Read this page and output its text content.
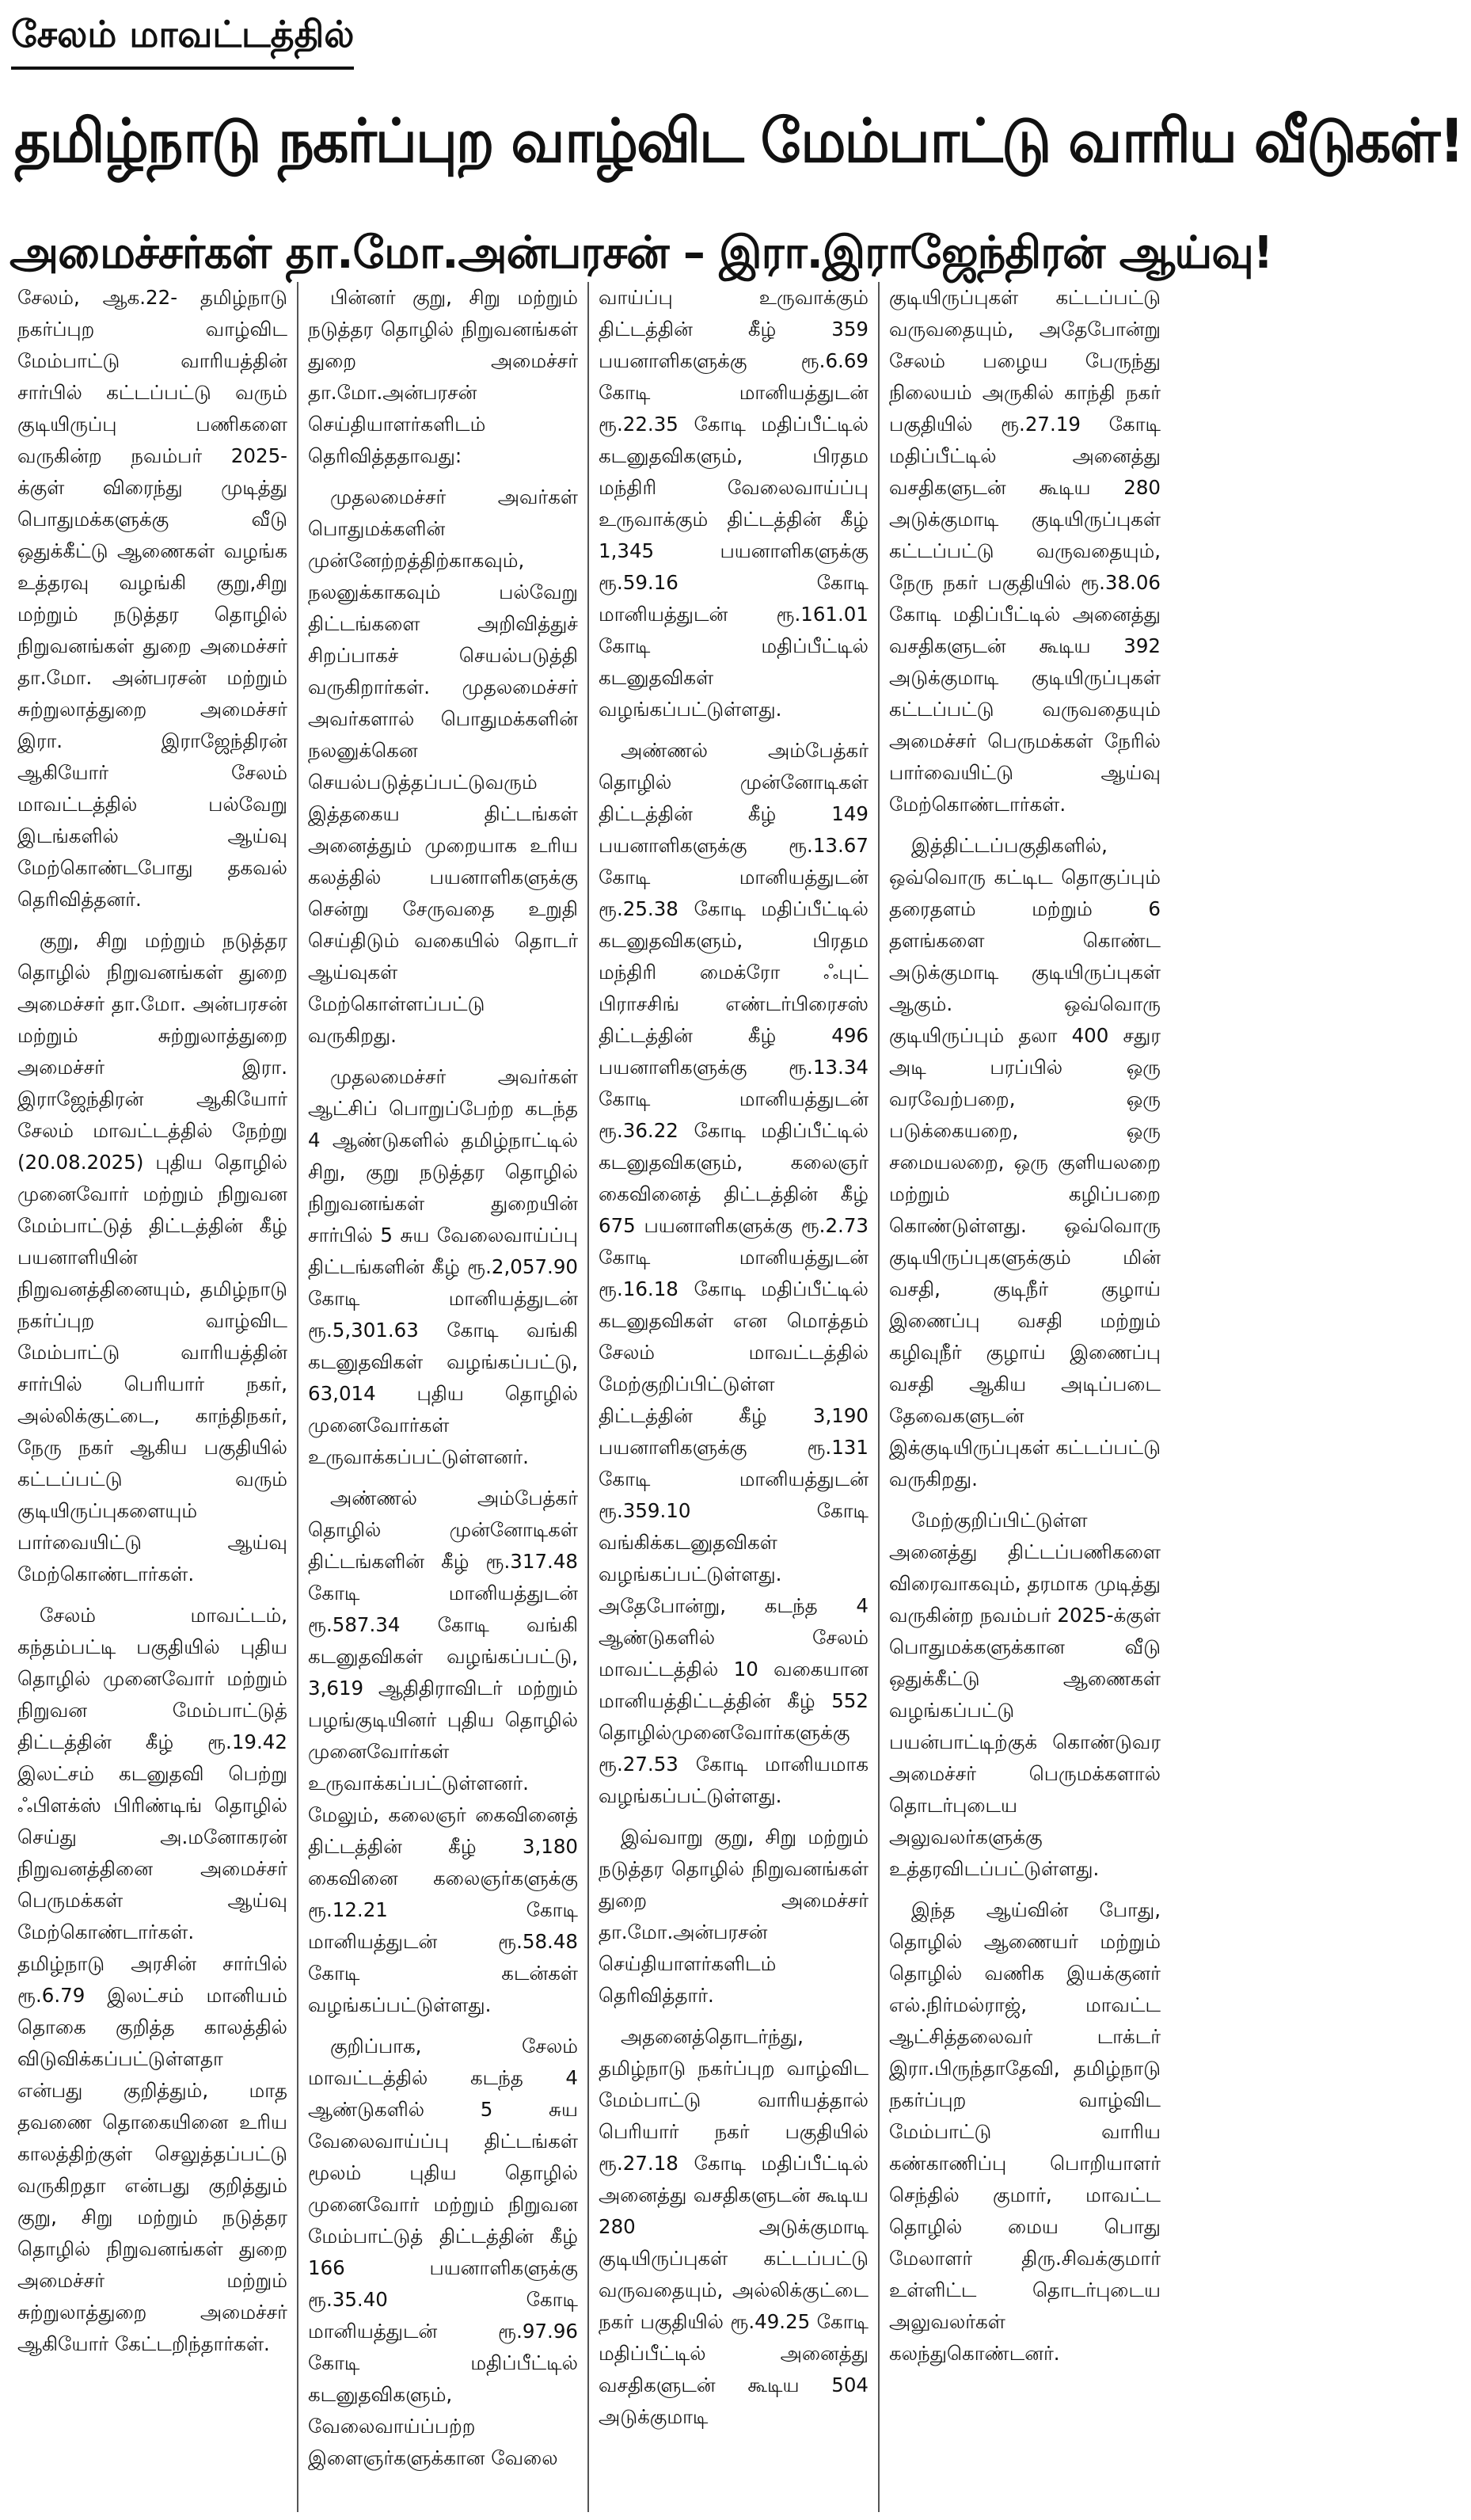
சேலம் மாவட்டத்தில்
தமிழ்நாடு நகர்ப்புற வாழ்விட மேம்பாட்டு வாரிய வீடுகள்!
அமைச்சர்கள் தா.மோ.அன்பரசன் – இரா.இராஜேந்திரன் ஆய்வு!

சேலம், ஆக.22- தமிழ்நாடு நகர்ப்புற வாழ்விட மேம்பாட்டு வாரியத்தின் சார்பில் கட்டப்பட்டு வரும் குடியிருப்பு பணிகளை வருகின்ற நவம்பர் 2025-க்குள் விரைந்து முடித்து பொதுமக்களுக்கு வீடு ஒதுக்கீட்டு ஆணைகள் வழங்க உத்தரவு வழங்கி குறு,சிறு மற்றும் நடுத்தர தொழில் நிறுவனங்கள் துறை அமைச்சர் தா.மோ. அன்பரசன் மற்றும் சுற்றுலாத்துறை அமைச்சர் இரா. இராஜேந்திரன் ஆகியோர் சேலம் மாவட்டத்தில் பல்வேறு இடங்களில் ஆய்வு மேற்கொண்டபோது தகவல் தெரிவித்தனர்.

குறு, சிறு மற்றும் நடுத்தர தொழில் நிறுவனங்கள் துறை அமைச்சர் தா.மோ. அன்பரசன் மற்றும் சுற்றுலாத்துறை அமைச்சர் இரா. இராஜேந்திரன் ஆகியோர் சேலம் மாவட்டத்தில் நேற்று (20.08.2025) புதிய தொழில் முனைவோர் மற்றும் நிறுவன மேம்பாட்டுத் திட்டத்தின் கீழ் பயனாளியின் நிறுவனத்தினையும், தமிழ்நாடு நகர்ப்புற வாழ்விட மேம்பாட்டு வாரியத்தின் சார்பில் பெரியார் நகர், அல்லிக்குட்டை, காந்திநகர், நேரு நகர் ஆகிய பகுதியில் கட்டப்பட்டு வரும் குடியிருப்புகளையும் பார்வையிட்டு ஆய்வு மேற்கொண்டார்கள்.

சேலம் மாவட்டம், கந்தம்பட்டி பகுதியில் புதிய தொழில் முனைவோர் மற்றும் நிறுவன மேம்பாட்டுத் திட்டத்தின் கீழ் ரூ.19.42 இலட்சம் கடனுதவி பெற்று ஃபிளக்ஸ் பிரிண்டிங் தொழில் செய்து அ.மனோகரன் நிறுவனத்தினை அமைச்சர் பெருமக்கள் ஆய்வு மேற்கொண்டார்கள். தமிழ்நாடு அரசின் சார்பில் ரூ.6.79 இலட்சம் மானியம் தொகை குறித்த காலத்தில் விடுவிக்கப்பட்டுள்ளதா என்பது குறித்தும், மாத தவணை தொகையினை உரிய காலத்திற்குள் செலுத்தப்பட்டு வருகிறதா என்பது குறித்தும் குறு, சிறு மற்றும் நடுத்தர தொழில் நிறுவனங்கள் துறை அமைச்சர் மற்றும் சுற்றுலாத்துறை அமைச்சர் ஆகியோர் கேட்டறிந்தார்கள்.

பின்னர் குறு, சிறு மற்றும் நடுத்தர தொழில் நிறுவனங்கள் துறை அமைச்சர் தா.மோ.அன்பரசன் செய்தியாளர்களிடம் தெரிவித்ததாவது:

முதலமைச்சர் அவர்கள் பொதுமக்களின் முன்னேற்றத்திற்காகவும், நலனுக்காகவும் பல்வேறு திட்டங்களை அறிவித்துச் சிறப்பாகச் செயல்படுத்தி வருகிறார்கள். முதலமைச்சர் அவர்களால் பொதுமக்களின் நலனுக்கென செயல்படுத்தப்பட்டுவரும் இத்தகைய திட்டங்கள் அனைத்தும் முறையாக உரிய கலத்தில் பயனாளிகளுக்கு சென்று சேருவதை உறுதி செய்திடும் வகையில் தொடர் ஆய்வுகள் மேற்கொள்ளப்பட்டு வருகிறது.

முதலமைச்சர் அவர்கள் ஆட்சிப் பொறுப்பேற்ற கடந்த 4 ஆண்டுகளில் தமிழ்நாட்டில் சிறு, குறு நடுத்தர தொழில் நிறுவனங்கள் துறையின் சார்பில் 5 சுய வேலைவாய்ப்பு திட்டங்களின் கீழ் ரூ.2,057.90 கோடி மானியத்துடன் ரூ.5,301.63 கோடி வங்கி கடனுதவிகள் வழங்கப்பட்டு, 63,014 புதிய தொழில் முனைவோர்கள் உருவாக்கப்பட்டுள்ளனர்.

அண்ணல் அம்பேத்கர் தொழில் முன்னோடிகள் திட்டங்களின் கீழ் ரூ.317.48 கோடி மானியத்துடன் ரூ.587.34 கோடி வங்கி கடனுதவிகள் வழங்கப்பட்டு, 3,619 ஆதிதிராவிடர் மற்றும் பழங்குடியினர் புதிய தொழில் முனைவோர்கள் உருவாக்கப்பட்டுள்ளனர். மேலும், கலைஞர் கைவினைத் திட்டத்தின் கீழ் 3,180 கைவினை கலைஞர்களுக்கு ரூ.12.21 கோடி மானியத்துடன் ரூ.58.48 கோடி கடன்கள் வழங்கப்பட்டுள்ளது.

குறிப்பாக, சேலம் மாவட்டத்தில் கடந்த 4 ஆண்டுகளில் 5 சுய வேலைவாய்ப்பு திட்டங்கள் மூலம் புதிய தொழில் முனைவோர் மற்றும் நிறுவன மேம்பாட்டுத் திட்டத்தின் கீழ் 166 பயனாளிகளுக்கு ரூ.35.40 கோடி மானியத்துடன் ரூ.97.96 கோடி மதிப்பீட்டில் கடனுதவிகளும், வேலைவாய்ப்பற்ற இளைஞர்களுக்கான வேலை

வாய்ப்பு உருவாக்கும் திட்டத்தின் கீழ் 359 பயனாளிகளுக்கு ரூ.6.69 கோடி மானியத்துடன் ரூ.22.35 கோடி மதிப்பீட்டில் கடனுதவிகளும், பிரதம மந்திரி வேலைவாய்ப்பு உருவாக்கும் திட்டத்தின் கீழ் 1,345 பயனாளிகளுக்கு ரூ.59.16 கோடி மானியத்துடன் ரூ.161.01 கோடி மதிப்பீட்டில் கடனுதவிகள் வழங்கப்பட்டுள்ளது.

அண்ணல் அம்பேத்கர் தொழில் முன்னோடிகள் திட்டத்தின் கீழ் 149 பயனாளிகளுக்கு ரூ.13.67 கோடி மானியத்துடன் ரூ.25.38 கோடி மதிப்பீட்டில் கடனுதவிகளும், பிரதம மந்திரி மைக்ரோ ஃபுட் பிராசசிங் எண்டர்பிரைசஸ் திட்டத்தின் கீழ் 496 பயனாளிகளுக்கு ரூ.13.34 கோடி மானியத்துடன் ரூ.36.22 கோடி மதிப்பீட்டில் கடனுதவிகளும், கலைஞர் கைவினைத் திட்டத்தின் கீழ் 675 பயனாளிகளுக்கு ரூ.2.73 கோடி மானியத்துடன் ரூ.16.18 கோடி மதிப்பீட்டில் கடனுதவிகள் என மொத்தம் சேலம் மாவட்டத்தில் மேற்குறிப்பிட்டுள்ள திட்டத்தின் கீழ் 3,190 பயனாளிகளுக்கு ரூ.131 கோடி மானியத்துடன் ரூ.359.10 கோடி வங்கிக்கடனுதவிகள் வழங்கப்பட்டுள்ளது. அதேபோன்று, கடந்த 4 ஆண்டுகளில் சேலம் மாவட்டத்தில் 10 வகையான மானியத்திட்டத்தின் கீழ் 552 தொழில்முனைவோர்களுக்கு ரூ.27.53 கோடி மானியமாக வழங்கப்பட்டுள்ளது.

இவ்வாறு குறு, சிறு மற்றும் நடுத்தர தொழில் நிறுவனங்கள் துறை அமைச்சர் தா.மோ.அன்பரசன் செய்தியாளர்களிடம் தெரிவித்தார்.

அதனைத்தொடர்ந்து, தமிழ்நாடு நகர்ப்புற வாழ்விட மேம்பாட்டு வாரியத்தால் பெரியார் நகர் பகுதியில் ரூ.27.18 கோடி மதிப்பீட்டில் அனைத்து வசதிகளுடன் கூடிய 280 அடுக்குமாடி குடியிருப்புகள் கட்டப்பட்டு வருவதையும், அல்லிக்குட்டை நகர் பகுதியில் ரூ.49.25 கோடி மதிப்பீட்டில் அனைத்து வசதிகளுடன் கூடிய 504 அடுக்குமாடி

குடியிருப்புகள் கட்டப்பட்டு வருவதையும், அதேபோன்று சேலம் பழைய பேருந்து நிலையம் அருகில் காந்தி நகர் பகுதியில் ரூ.27.19 கோடி மதிப்பீட்டில் அனைத்து வசதிகளுடன் கூடிய 280 அடுக்குமாடி குடியிருப்புகள் கட்டப்பட்டு வருவதையும், நேரு நகர் பகுதியில் ரூ.38.06 கோடி மதிப்பீட்டில் அனைத்து வசதிகளுடன் கூடிய 392 அடுக்குமாடி குடியிருப்புகள் கட்டப்பட்டு வருவதையும் அமைச்சர் பெருமக்கள் நேரில் பார்வையிட்டு ஆய்வு மேற்கொண்டார்கள்.

இத்திட்டப்பகுதிகளில், ஒவ்வொரு கட்டிட தொகுப்பும் தரைதளம் மற்றும் 6 தளங்களை கொண்ட அடுக்குமாடி குடியிருப்புகள் ஆகும். ஒவ்வொரு குடியிருப்பும் தலா 400 சதுர அடி பரப்பில் ஒரு வரவேற்பறை, ஒரு படுக்கையறை, ஒரு சமையலறை, ஒரு குளியலறை மற்றும் கழிப்பறை கொண்டுள்ளது. ஒவ்வொரு குடியிருப்புகளுக்கும் மின் வசதி, குடிநீர் குழாய் இணைப்பு வசதி மற்றும் கழிவுநீர் குழாய் இணைப்பு வசதி ஆகிய அடிப்படை தேவைகளுடன் இக்குடியிருப்புகள் கட்டப்பட்டு வருகிறது.

மேற்குறிப்பிட்டுள்ள அனைத்து திட்டப்பணிகளை விரைவாகவும், தரமாக முடித்து வருகின்ற நவம்பர் 2025-க்குள் பொதுமக்களுக்கான வீடு ஒதுக்கீட்டு ஆணைகள் வழங்கப்பட்டு பயன்பாட்டிற்குக் கொண்டுவர அமைச்சர் பெருமக்களால் தொடர்புடைய அலுவலர்களுக்கு உத்தரவிடப்பட்டுள்ளது.

இந்த ஆய்வின் போது, தொழில் ஆணையர் மற்றும் தொழில் வணிக இயக்குனர் எல்.நிர்மல்ராஜ், மாவட்ட ஆட்சித்தலைவர் டாக்டர் இரா.பிருந்தாதேவி, தமிழ்நாடு நகர்ப்புற வாழ்விட மேம்பாட்டு வாரிய கண்காணிப்பு பொறியாளர் செந்தில் குமார், மாவட்ட தொழில் மைய பொது மேலாளர் திரு.சிவக்குமார் உள்ளிட்ட தொடர்புடைய அலுவலர்கள் கலந்துகொண்டனர்.
